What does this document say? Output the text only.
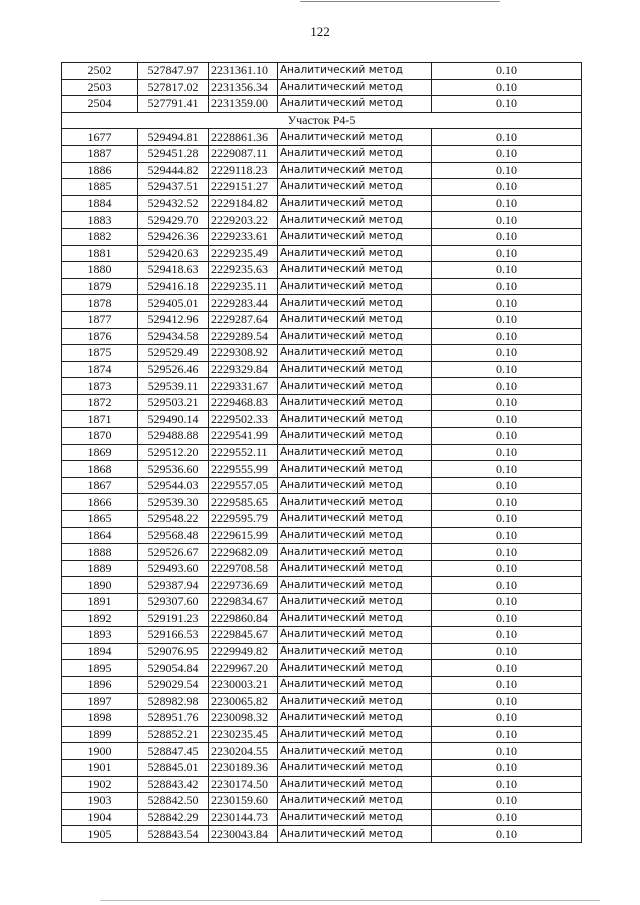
122
2502	527847.97	2231361.10	Аналитический метод	0.10
2503	527817.02	2231356.34	Аналитический метод	0.10
2504	527791.41	2231359.00	Аналитический метод	0.10
Участок Р4-5				
1677	529494.81	2228861.36	Аналитический метод	0.10
1887	529451.28	2229087.11	Аналитический метод	0.10
1886	529444.82	2229118.23	Аналитический метод	0.10
1885	529437.51	2229151.27	Аналитический метод	0.10
1884	529432.52	2229184.82	Аналитический метод	0.10
1883	529429.70	2229203.22	Аналитический метод	0.10
1882	529426.36	2229233.61	Аналитический метод	0.10
1881	529420.63	2229235.49	Аналитический метод	0.10
1880	529418.63	2229235.63	Аналитический метод	0.10
1879	529416.18	2229235.11	Аналитический метод	0.10
1878	529405.01	2229283.44	Аналитический метод	0.10
1877	529412.96	2229287.64	Аналитический метод	0.10
1876	529434.58	2229289.54	Аналитический метод	0.10
1875	529529.49	2229308.92	Аналитический метод	0.10
1874	529526.46	2229329.84	Аналитический метод	0.10
1873	529539.11	2229331.67	Аналитический метод	0.10
1872	529503.21	2229468.83	Аналитический метод	0.10
1871	529490.14	2229502.33	Аналитический метод	0.10
1870	529488.88	2229541.99	Аналитический метод	0.10
1869	529512.20	2229552.11	Аналитический метод	0.10
1868	529536.60	2229555.99	Аналитический метод	0.10
1867	529544.03	2229557.05	Аналитический метод	0.10
1866	529539.30	2229585.65	Аналитический метод	0.10
1865	529548.22	2229595.79	Аналитический метод	0.10
1864	529568.48	2229615.99	Аналитический метод	0.10
1888	529526.67	2229682.09	Аналитический метод	0.10
1889	529493.60	2229708.58	Аналитический метод	0.10
1890	529387.94	2229736.69	Аналитический метод	0.10
1891	529307.60	2229834.67	Аналитический метод	0.10
1892	529191.23	2229860.84	Аналитический метод	0.10
1893	529166.53	2229845.67	Аналитический метод	0.10
1894	529076.95	2229949.82	Аналитический метод	0.10
1895	529054.84	2229967.20	Аналитический метод	0.10
1896	529029.54	2230003.21	Аналитический метод	0.10
1897	528982.98	2230065.82	Аналитический метод	0.10
1898	528951.76	2230098.32	Аналитический метод	0.10
1899	528852.21	2230235.45	Аналитический метод	0.10
1900	528847.45	2230204.55	Аналитический метод	0.10
1901	528845.01	2230189.36	Аналитический метод	0.10
1902	528843.42	2230174.50	Аналитический метод	0.10
1903	528842.50	2230159.60	Аналитический метод	0.10
1904	528842.29	2230144.73	Аналитический метод	0.10
1905	528843.54	2230043.84	Аналитический метод	0.10
